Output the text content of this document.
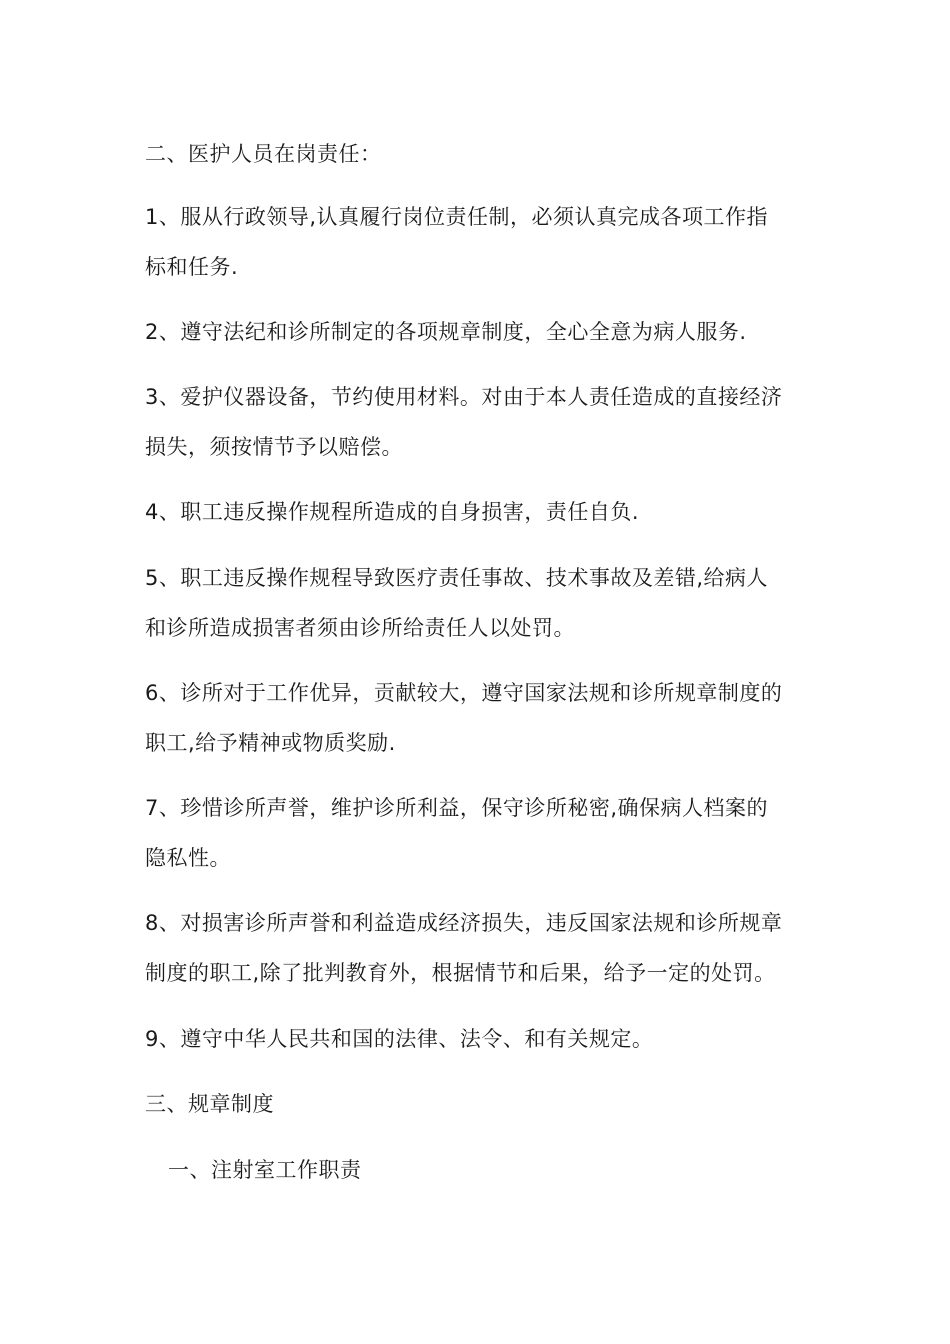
二、医护人员在岗责任：
1、服从行政领导,认真履行岗位责任制，必须认真完成各项工作指
标和任务.
2、遵守法纪和诊所制定的各项规章制度，全心全意为病人服务.
3、爱护仪器设备，节约使用材料。对由于本人责任造成的直接经济
损失，须按情节予以赔偿。
4、职工违反操作规程所造成的自身损害，责任自负.
5、职工违反操作规程导致医疗责任事故、技术事故及差错,给病人
和诊所造成损害者须由诊所给责任人以处罚。
6、诊所对于工作优异，贡献较大，遵守国家法规和诊所规章制度的
职工,给予精神或物质奖励.
7、珍惜诊所声誉，维护诊所利益，保守诊所秘密,确保病人档案的
隐私性。
8、对损害诊所声誉和利益造成经济损失，违反国家法规和诊所规章
制度的职工,除了批判教育外，根据情节和后果，给予一定的处罚。
9、遵守中华人民共和国的法律、法令、和有关规定。
三、规章制度
一、注射室工作职责
